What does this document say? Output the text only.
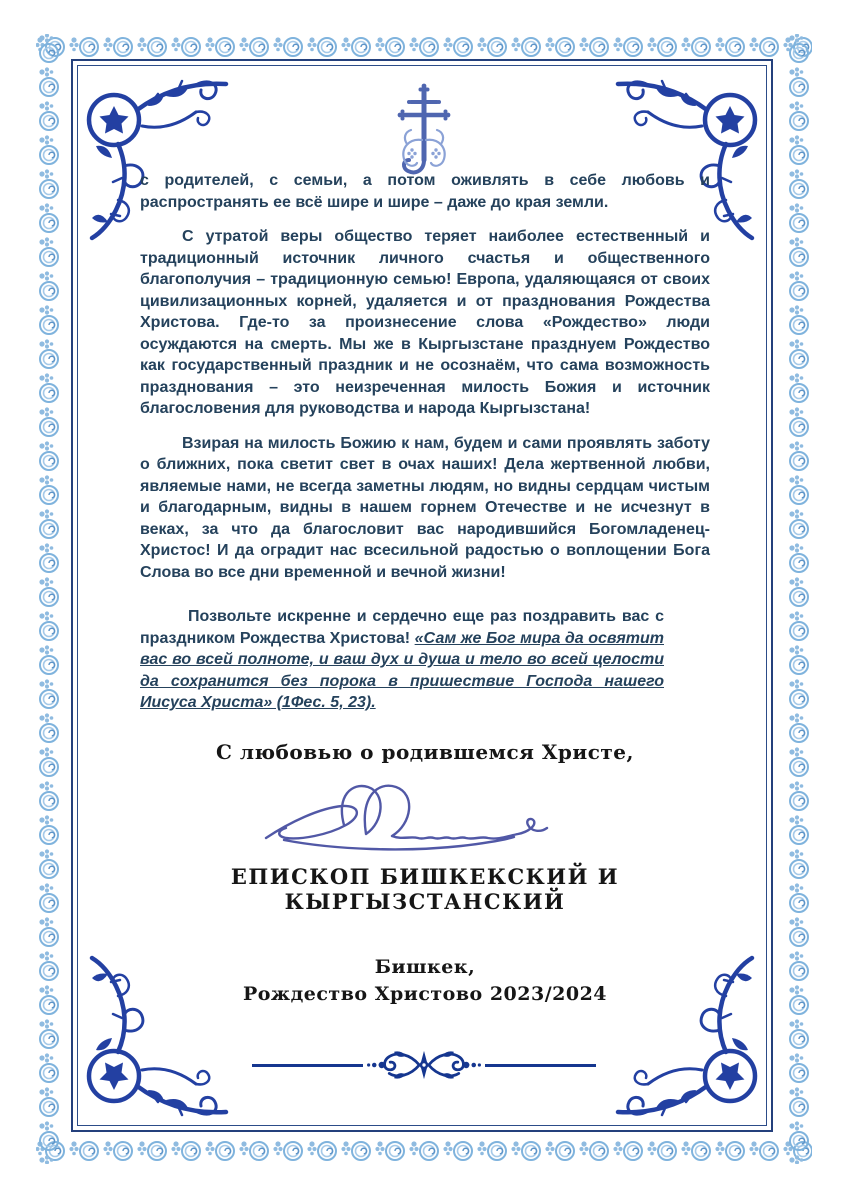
с родителей, с семьи, а потом оживлять в себе любовь и распространять ее всё шире и шире – даже до края земли.

С утратой веры общество теряет наиболее естественный и традиционный источник личного счастья и общественного благополучия – традиционную семью! Европа, удаляющаяся от своих цивилизационных корней, удаляется и от празднования Рождества Христова. Где-то за произнесение слова «Рождество» люди осуждаются на смерть. Мы же в Кыргызстане празднуем Рождество как государственный праздник и не осознаём, что сама возможность празднования – это неизреченная милость Божия и источник благословения для руководства и народа Кыргызстана!

Взирая на милость Божию к нам, будем и сами проявлять заботу о ближних, пока светит свет в очах наших! Дела жертвенной любви, являемые нами, не всегда заметны людям, но видны сердцам чистым и благодарным, видны в нашем горнем Отечестве и не исчезнут в веках, за что да благословит вас народившийся Богомладенец-Христос! И да оградит нас всесильной радостью о воплощении Бога Слова во все дни временной и вечной жизни!

Позвольте искренне и сердечно еще раз поздравить вас с праздником Рождества Христова! «Сам же Бог мира да освятит вас во всей полноте, и ваш дух и душа и тело во всей целости да сохранится без порока в пришествие Господа нашего Иисуса Христа» (1Фес. 5, 23).

С любовью о родившемся Христе,
ЕПИСКОП БИШКЕКСКИЙ И КЫРГЫЗСТАНСКИЙ
Бишкек,
Рождество Христово 2023/2024
